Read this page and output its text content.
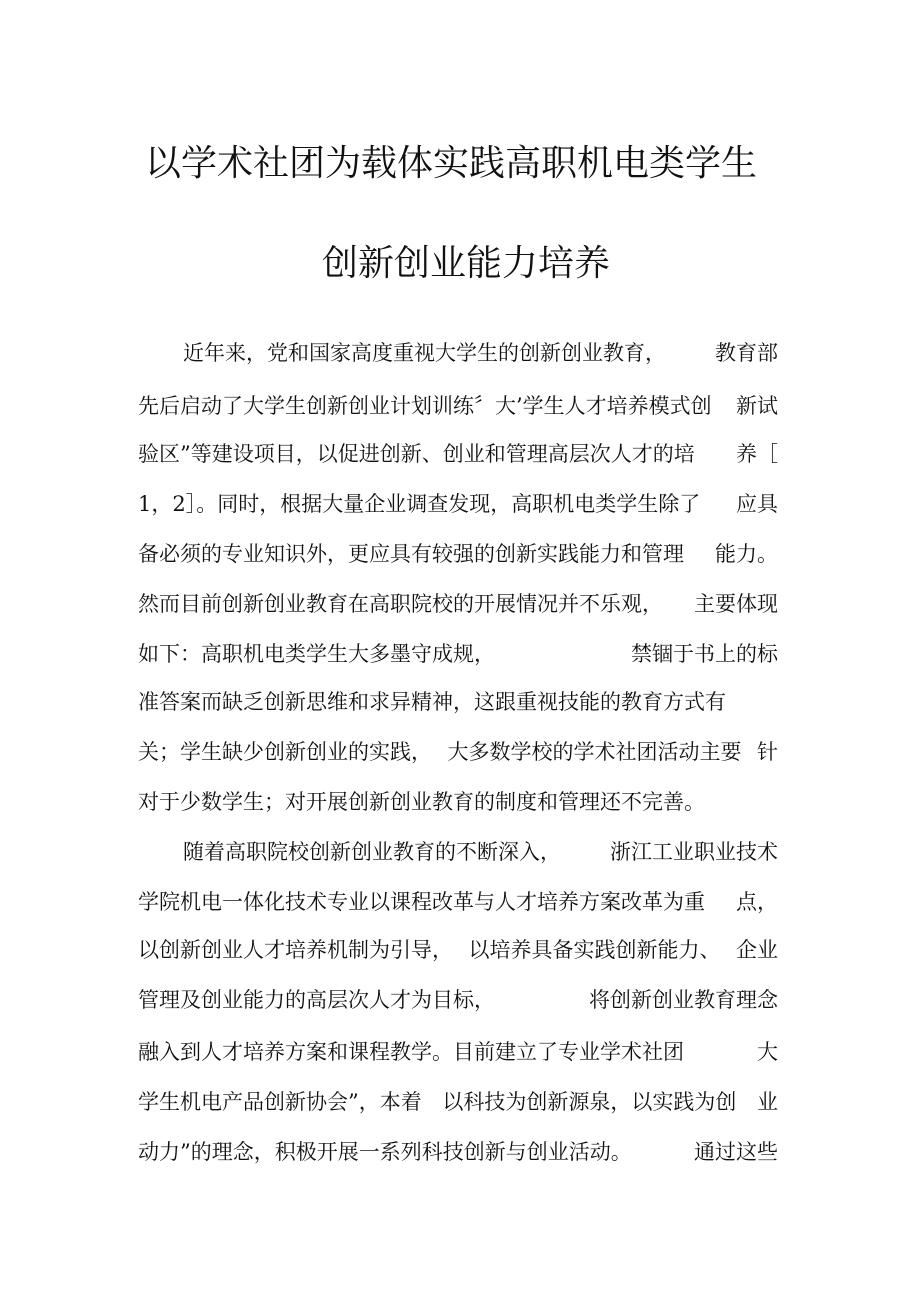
以学术社团为载体实践高职机电类学生
创新创业能力培养
近年来，党和国家高度重视大学生的创新创业教育， 教育部
先后启动了大学生创新创业计划训练〞大’学生人才培养模式创 新试
验区”等建设项目，以促进创新、创业和管理高层次人才的培 养［
1，2］。同时，根据大量企业调查发现，高职机电类学生除了 应具
备必须的专业知识外，更应具有较强的创新实践能力和管理 能力。
然而目前创新创业教育在高职院校的开展情况并不乐观， 主要体现
如下：高职机电类学生大多墨守成规，	禁锢于书上的标
准答案而缺乏创新思维和求异精神，这跟重视技能的教育方式有
关；学生缺少创新创业的实践， 大多数学校的学术社团活动主要 针
对于少数学生；对开展创新创业教育的制度和管理还不完善。
随着高职院校创新创业教育的不断深入， 浙江工业职业技术
学院机电一体化技术专业以课程改革与人才培养方案改革为重 点，
以创新创业人才培养机制为引导， 以培养具备实践创新能力、 企业
管理及创业能力的高层次人才为目标，	将创新创业教育理念
融入到人才培养方案和课程教学。目前建立了专业学术社团	大
学生机电产品创新协会”，本着 以科技为创新源泉，以实践为创 业
动力”的理念，积极开展一系列科技创新与创业活动。	通过这些
